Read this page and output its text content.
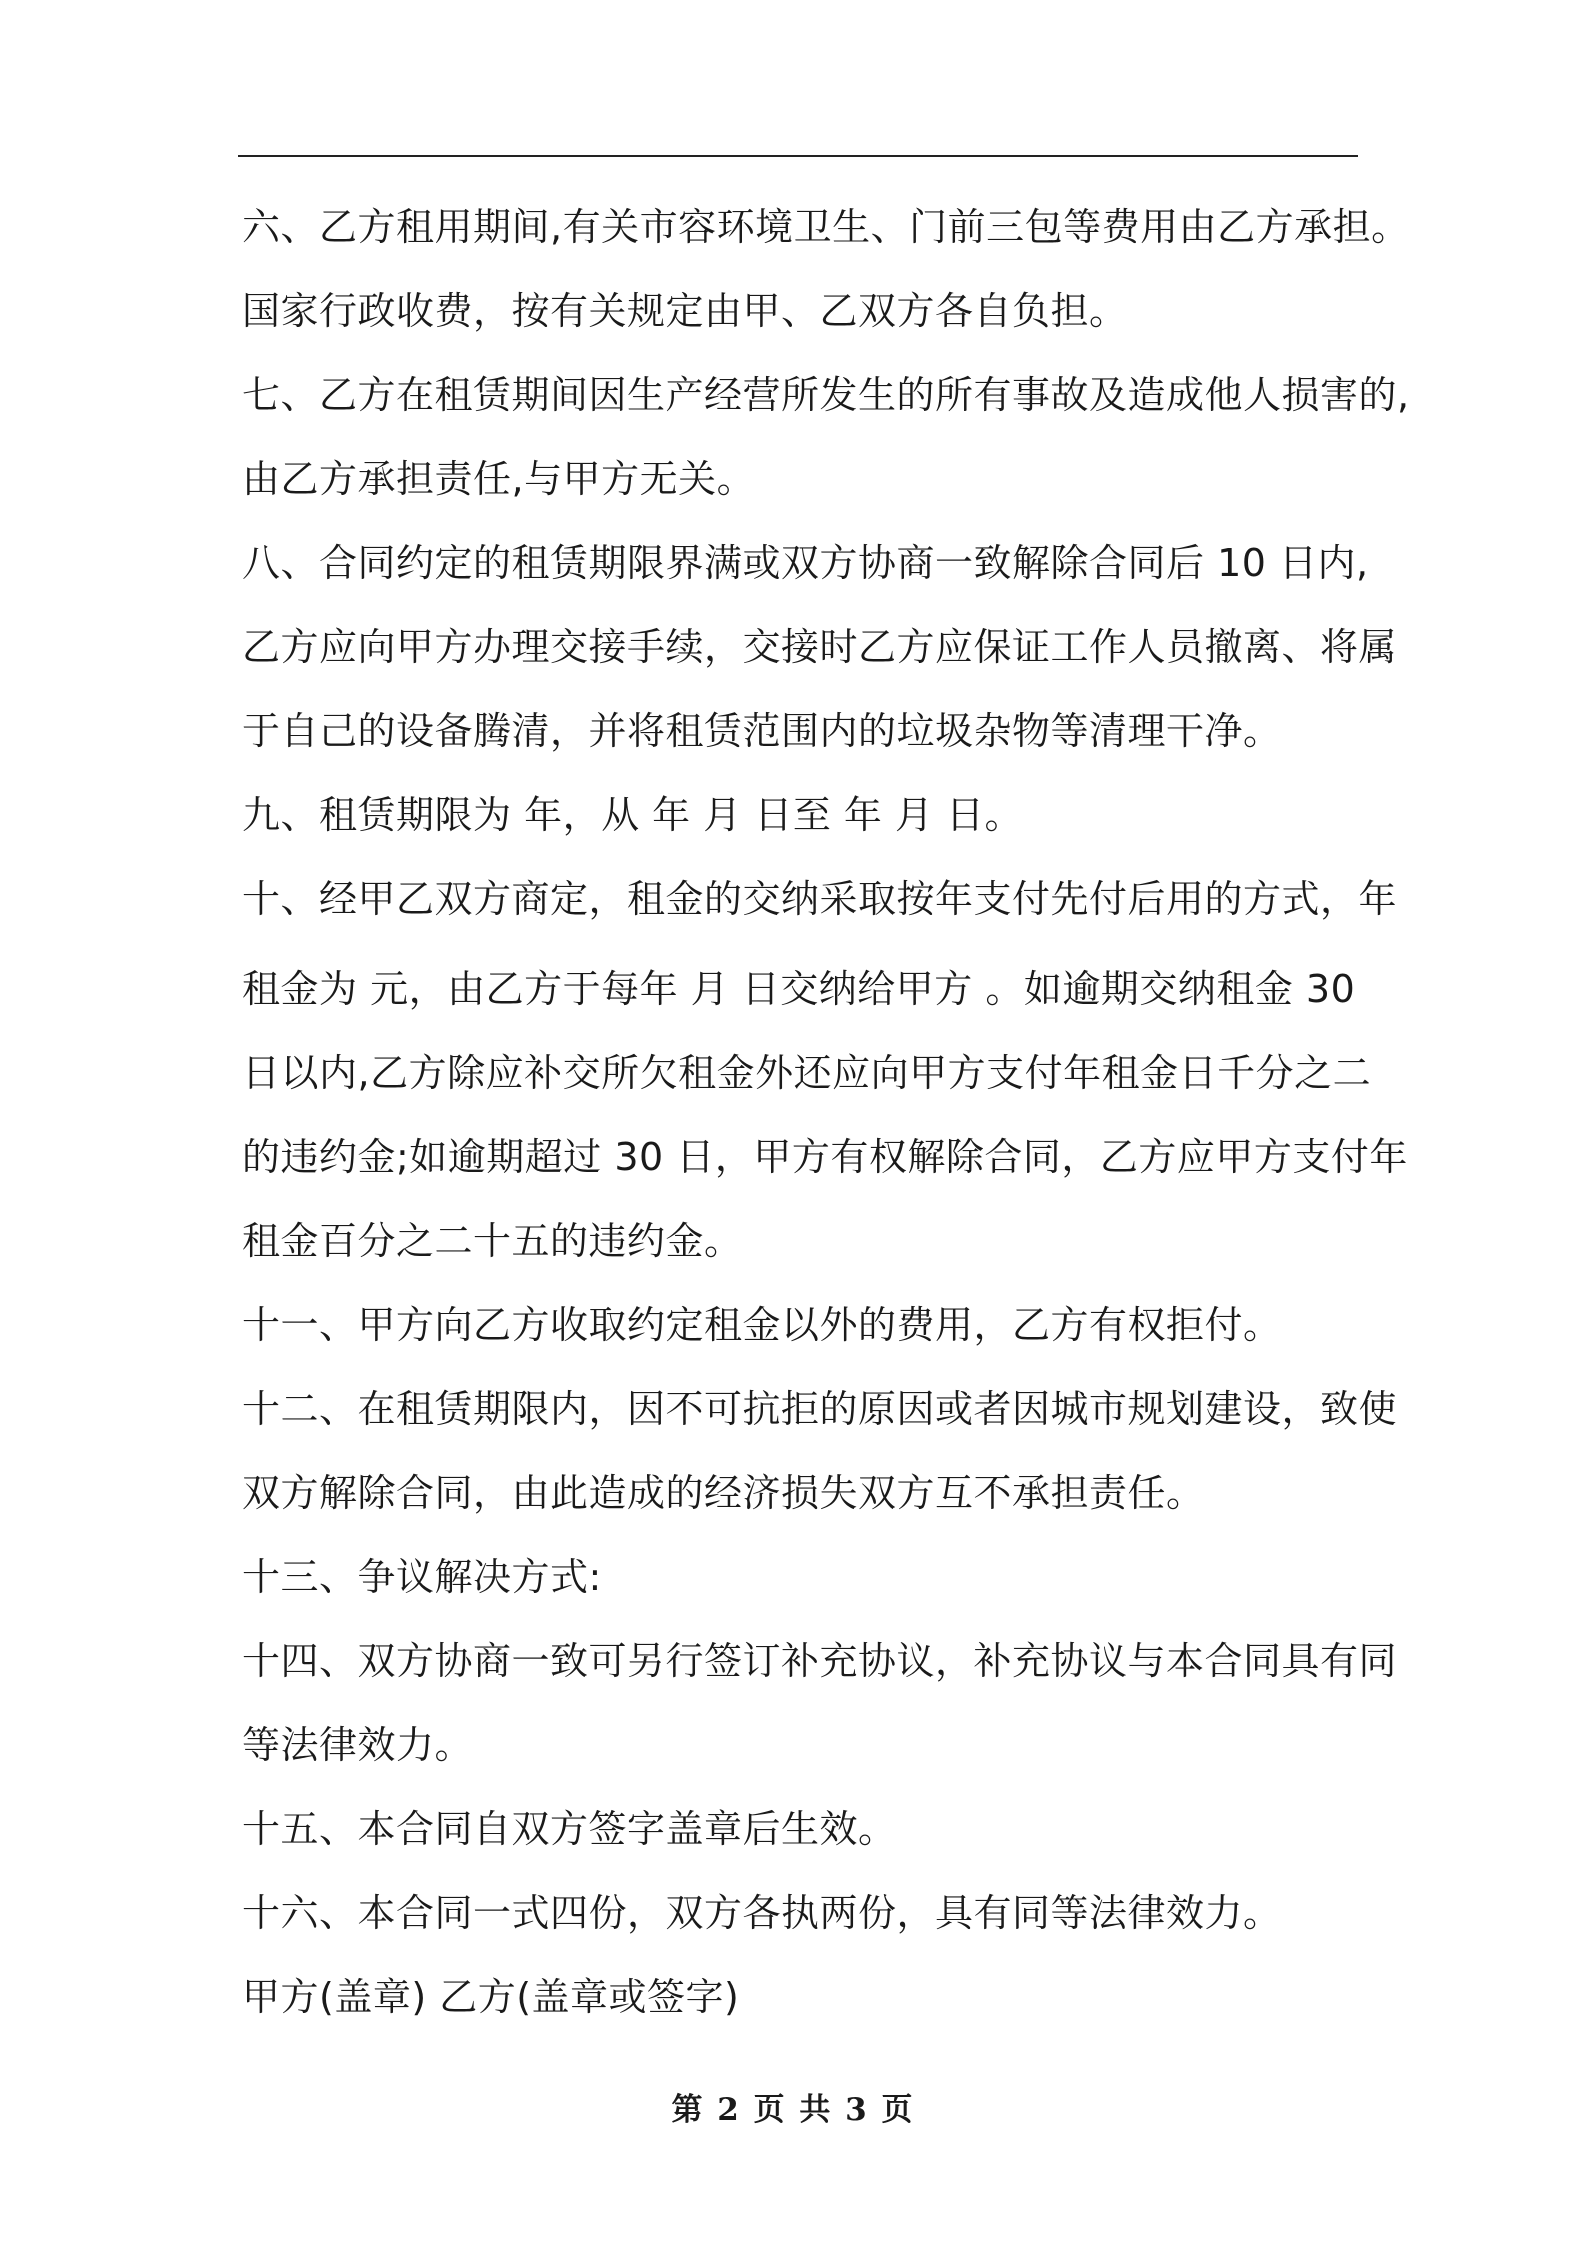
六、乙方租用期间,有关市容环境卫生、门前三包等费用由乙方承担。
国家行政收费，按有关规定由甲、乙双方各自负担。
七、乙方在租赁期间因生产经营所发生的所有事故及造成他人损害的,
由乙方承担责任,与甲方无关。
八、合同约定的租赁期限界满或双方协商一致解除合同后 10 日内,
乙方应向甲方办理交接手续，交接时乙方应保证工作人员撤离、将属
于自己的设备腾清，并将租赁范围内的垃圾杂物等清理干净。
九、租赁期限为 年，从 年 月 日至 年 月 日。
十、经甲乙双方商定，租金的交纳采取按年支付先付后用的方式，年
租金为 元，由乙方于每年 月 日交纳给甲方 。如逾期交纳租金 30
日以内,乙方除应补交所欠租金外还应向甲方支付年租金日千分之二
的违约金;如逾期超过 30 日，甲方有权解除合同，乙方应甲方支付年
租金百分之二十五的违约金。
十一、甲方向乙方收取约定租金以外的费用，乙方有权拒付。
十二、在租赁期限内，因不可抗拒的原因或者因城市规划建设，致使
双方解除合同，由此造成的经济损失双方互不承担责任。
十三、争议解决方式:
十四、双方协商一致可另行签订补充协议，补充协议与本合同具有同
等法律效力。
十五、本合同自双方签字盖章后生效。
十六、本合同一式四份，双方各执两份，具有同等法律效力。
甲方(盖章) 乙方(盖章或签字)
第 2 页 共 3 页
